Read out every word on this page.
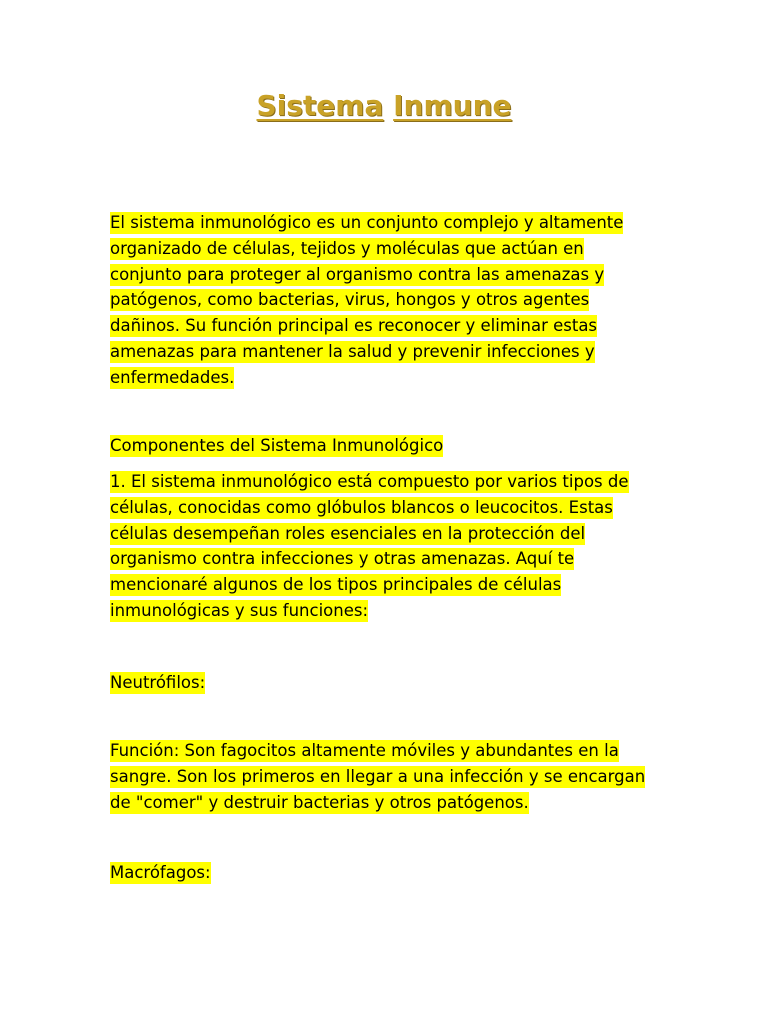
Sistema Inmune

El sistema inmunológico es un conjunto complejo y altamente organizado de células, tejidos y moléculas que actúan en conjunto para proteger al organismo contra las amenazas y patógenos, como bacterias, virus, hongos y otros agentes dañinos. Su función principal es reconocer y eliminar estas amenazas para mantener la salud y prevenir infecciones y enfermedades.

Componentes del Sistema Inmunológico

1. El sistema inmunológico está compuesto por varios tipos de células, conocidas como glóbulos blancos o leucocitos. Estas células desempeñan roles esenciales en la protección del organismo contra infecciones y otras amenazas. Aquí te mencionaré algunos de los tipos principales de células inmunológicas y sus funciones:

Neutrófilos:

Función: Son fagocitos altamente móviles y abundantes en la sangre. Son los primeros en llegar a una infección y se encargan de "comer" y destruir bacterias y otros patógenos.

Macrófagos:
